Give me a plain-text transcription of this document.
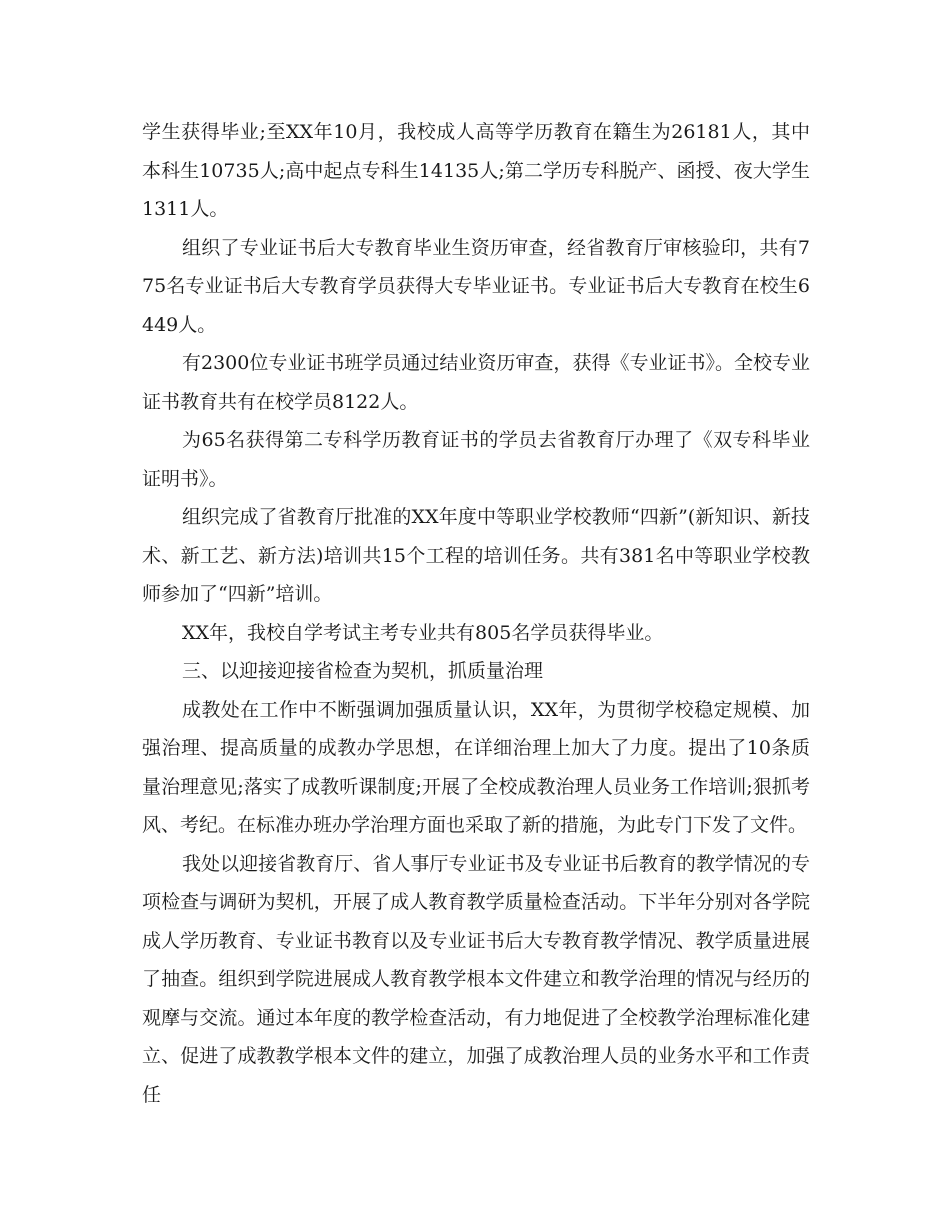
学生获得毕业;至XX年10月，我校成人高等学历教育在籍生为26181人，其中本科生10735人;高中起点专科生14135人;第二学历专科脱产、函授、夜大学生1311人。

组织了专业证书后大专教育毕业生资历审查，经省教育厅审核验印，共有775名专业证书后大专教育学员获得大专毕业证书。专业证书后大专教育在校生6449人。

有2300位专业证书班学员通过结业资历审查，获得《专业证书》。全校专业证书教育共有在校学员8122人。

为65名获得第二专科学历教育证书的学员去省教育厅办理了《双专科毕业证明书》。

组织完成了省教育厅批准的XX年度中等职业学校教师“四新”(新知识、新技术、新工艺、新方法)培训共15个工程的培训任务。共有381名中等职业学校教师参加了“四新”培训。

XX年，我校自学考试主考专业共有805名学员获得毕业。

三、以迎接迎接省检查为契机，抓质量治理

成教处在工作中不断强调加强质量认识，XX年，为贯彻学校稳定规模、加强治理、提高质量的成教办学思想，在详细治理上加大了力度。提出了10条质量治理意见;落实了成教听课制度;开展了全校成教治理人员业务工作培训;狠抓考风、考纪。在标准办班办学治理方面也采取了新的措施，为此专门下发了文件。

我处以迎接省教育厅、省人事厅专业证书及专业证书后教育的教学情况的专项检查与调研为契机，开展了成人教育教学质量检查活动。下半年分别对各学院成人学历教育、专业证书教育以及专业证书后大专教育教学情况、教学质量进展了抽查。组织到学院进展成人教育教学根本文件建立和教学治理的情况与经历的观摩与交流。通过本年度的教学检查活动，有力地促进了全校教学治理标准化建立、促进了成教教学根本文件的建立，加强了成教治理人员的业务水平和工作责任
